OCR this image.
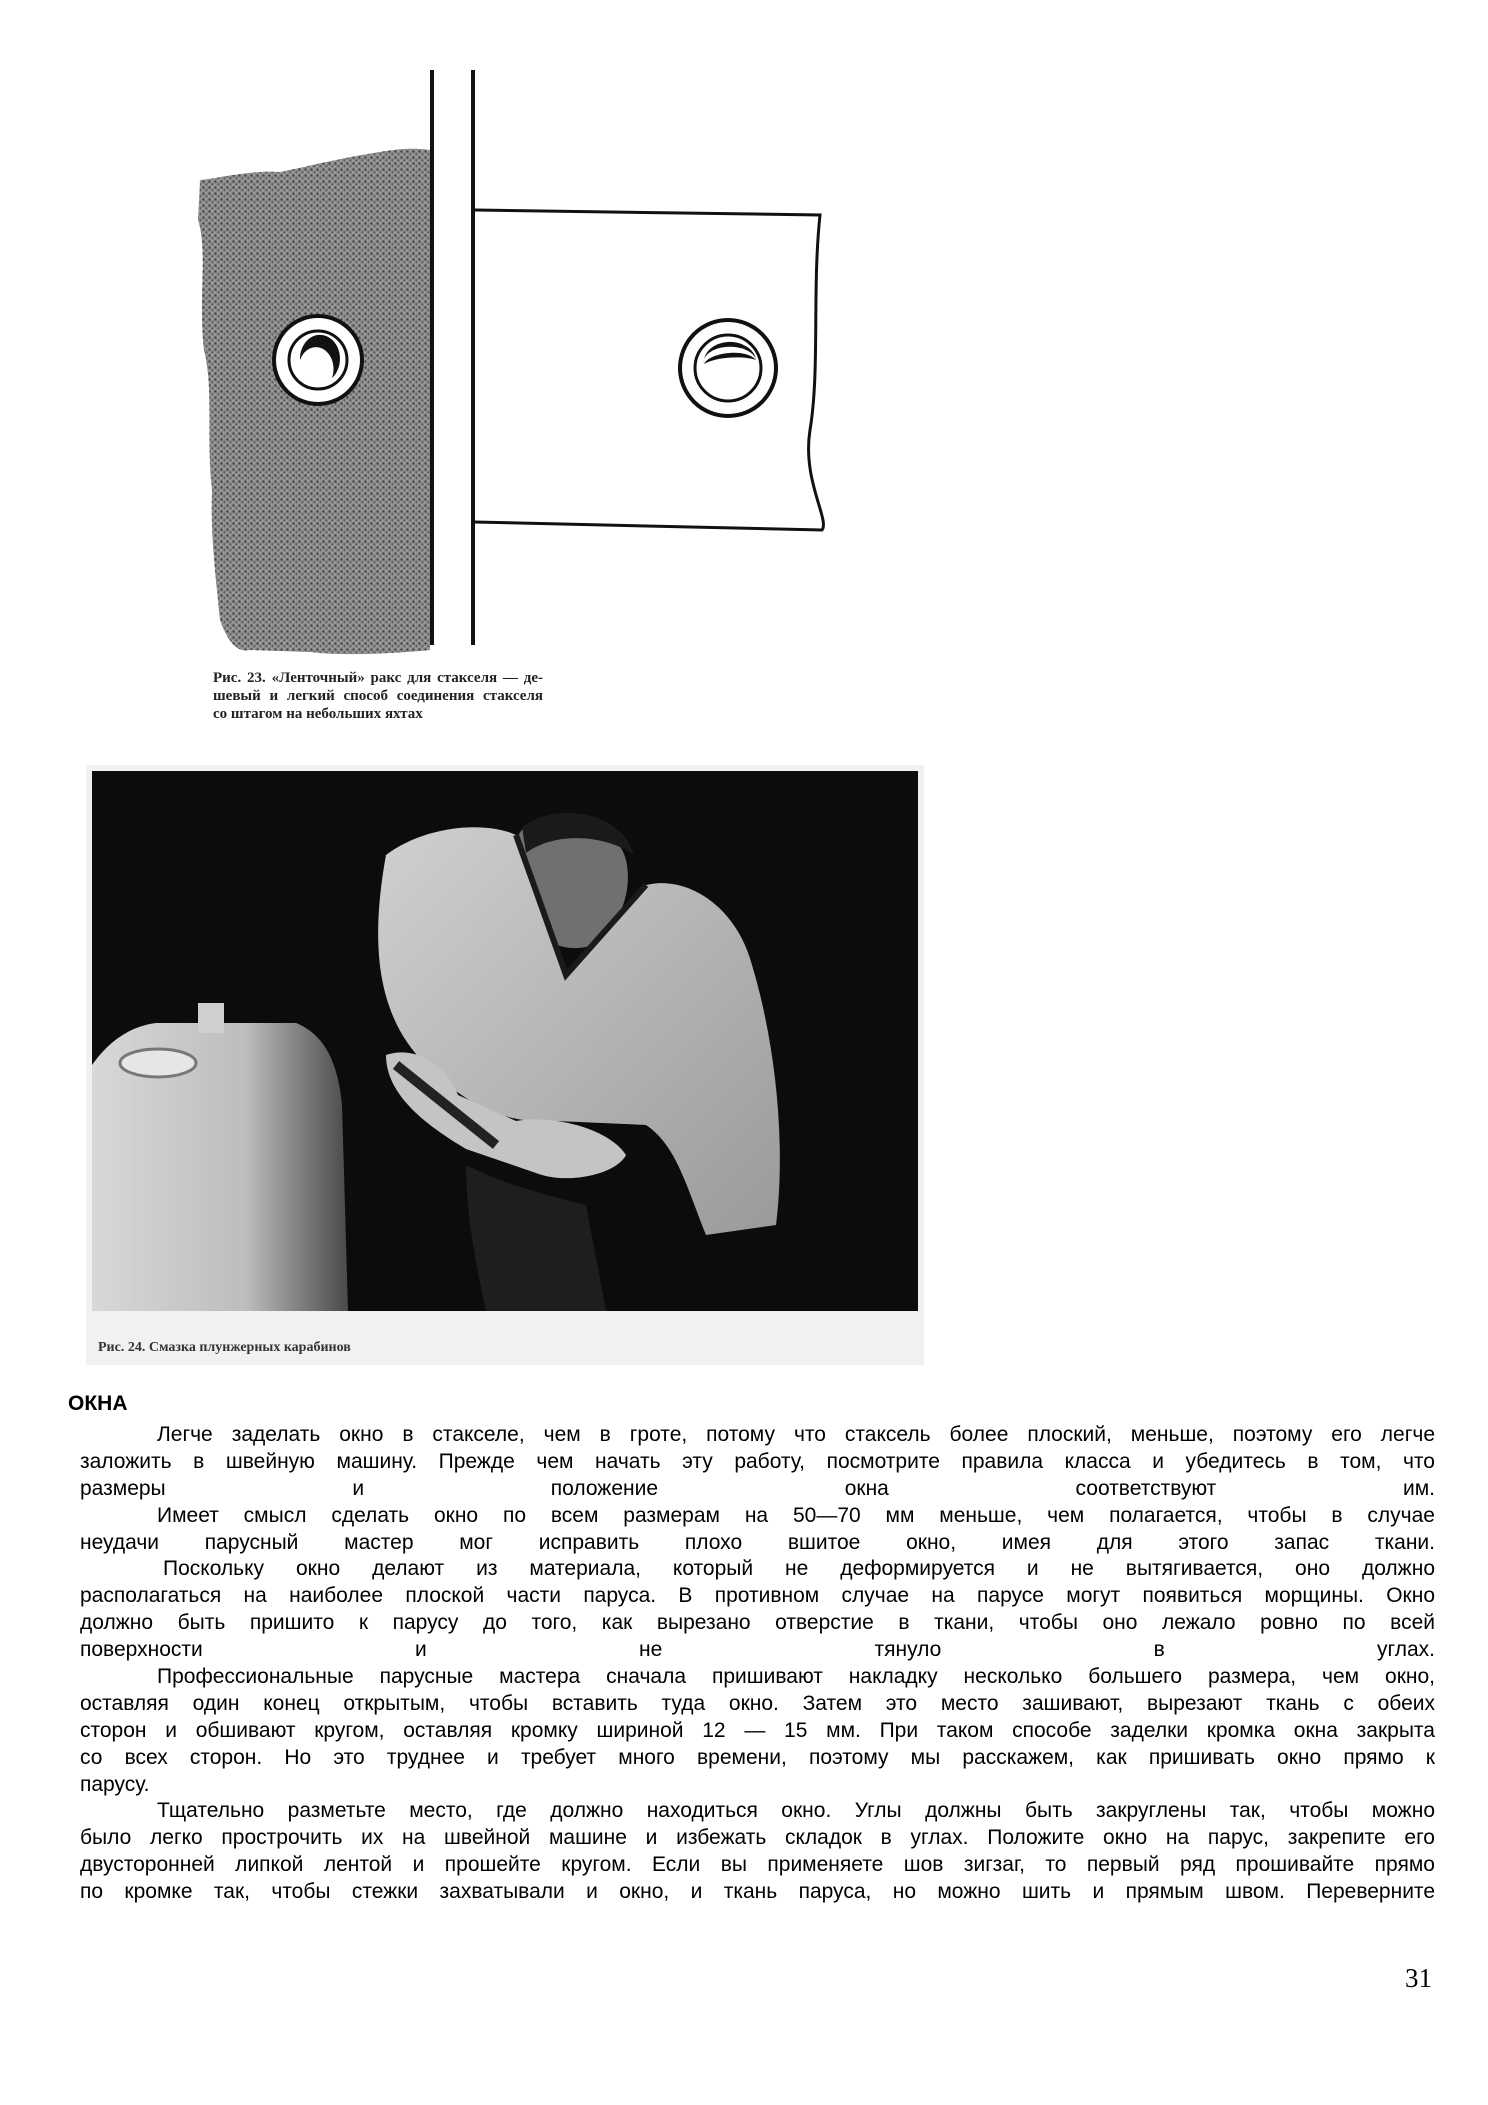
Рис. 23. «Ленточный» ракс для стакселя — де-
шевый и легкий способ соединения стакселя
со штагом на небольших яхтах
Рис. 24. Смазка плунжерных карабинов
ОКНА
Легче заделать окно в стакселе, чем в гроте, потому что стаксель более плоский, меньше, поэтому его легче
заложить в швейную машину. Прежде чем начать эту работу, посмотрите правила класса и убедитесь в том, что
размеры и положение окна соответствуют им.
Имеет смысл сделать окно по всем размерам на 50—70 мм меньше, чем полагается, чтобы в случае
неудачи парусный мастер мог исправить плохо вшитое окно, имея для этого запас ткани.
Поскольку окно делают из материала, который не деформируется и не вытягивается, оно должно
располагаться на наиболее плоской части паруса. В противном случае на парусе могут появиться морщины. Окно
должно быть пришито к парусу до того, как вырезано отверстие в ткани, чтобы оно лежало ровно по всей
поверхности и не тянуло в углах.
Профессиональные парусные мастера сначала пришивают накладку несколько большего размера, чем окно,
оставляя один конец открытым, чтобы вставить туда окно. Затем это место зашивают, вырезают ткань с обеих
сторон и обшивают кругом, оставляя кромку шириной 12 — 15 мм. При таком способе заделки кромка окна закрыта
со всех сторон. Но это труднее и требует много времени, поэтому мы расскажем, как пришивать окно прямо к
парусу.
Тщательно разметьте место, где должно находиться окно. Углы должны быть закруглены так, чтобы можно
было легко прострочить их на швейной машине и избежать складок в углах. Положите окно на парус, закрепите его
двусторонней липкой лентой и прошейте кругом. Если вы применяете шов зигзаг, то первый ряд прошивайте прямо
по кромке так, чтобы стежки захватывали и окно, и ткань паруса, но можно шить и прямым швом. Переверните
31
